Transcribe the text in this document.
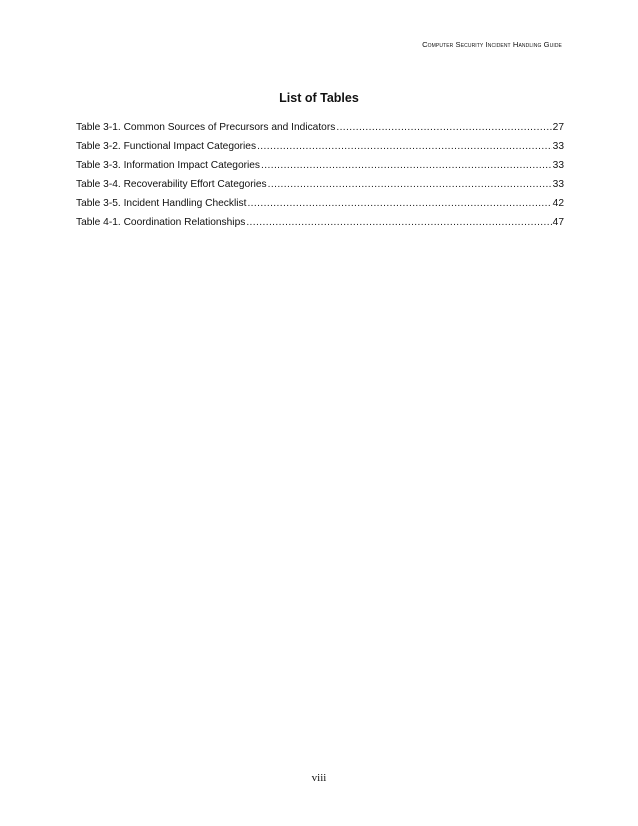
Computer Security Incident Handling Guide
List of Tables
Table 3-1. Common Sources of Precursors and Indicators .....	27
Table 3-2. Functional Impact Categories .....	33
Table 3-3. Information Impact Categories .....	33
Table 3-4. Recoverability Effort Categories .....	33
Table 3-5. Incident Handling Checklist .....	42
Table 4-1. Coordination Relationships .....	47
viii
